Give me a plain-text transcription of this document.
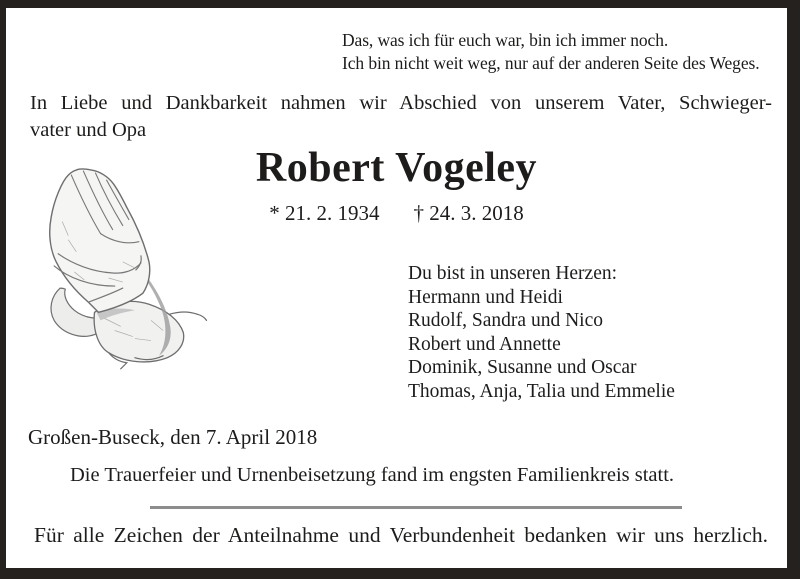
Das, was ich für euch war, bin ich immer noch.
Ich bin nicht weit weg, nur auf der anderen Seite des Weges.
In Liebe und Dankbarkeit nahmen wir Abschied von unserem Vater, Schwieger-
vater und Opa
Robert Vogeley
* 21. 2. 1934 † 24. 3. 2018
Du bist in unseren Herzen:
Hermann und Heidi
Rudolf, Sandra und Nico
Robert und Annette
Dominik, Susanne und Oscar
Thomas, Anja, Talia und Emmelie
Großen-Buseck, den 7. April 2018
Die Trauerfeier und Urnenbeisetzung fand im engsten Familienkreis statt.
Für alle Zeichen der Anteilnahme und Verbundenheit bedanken wir uns herzlich.
